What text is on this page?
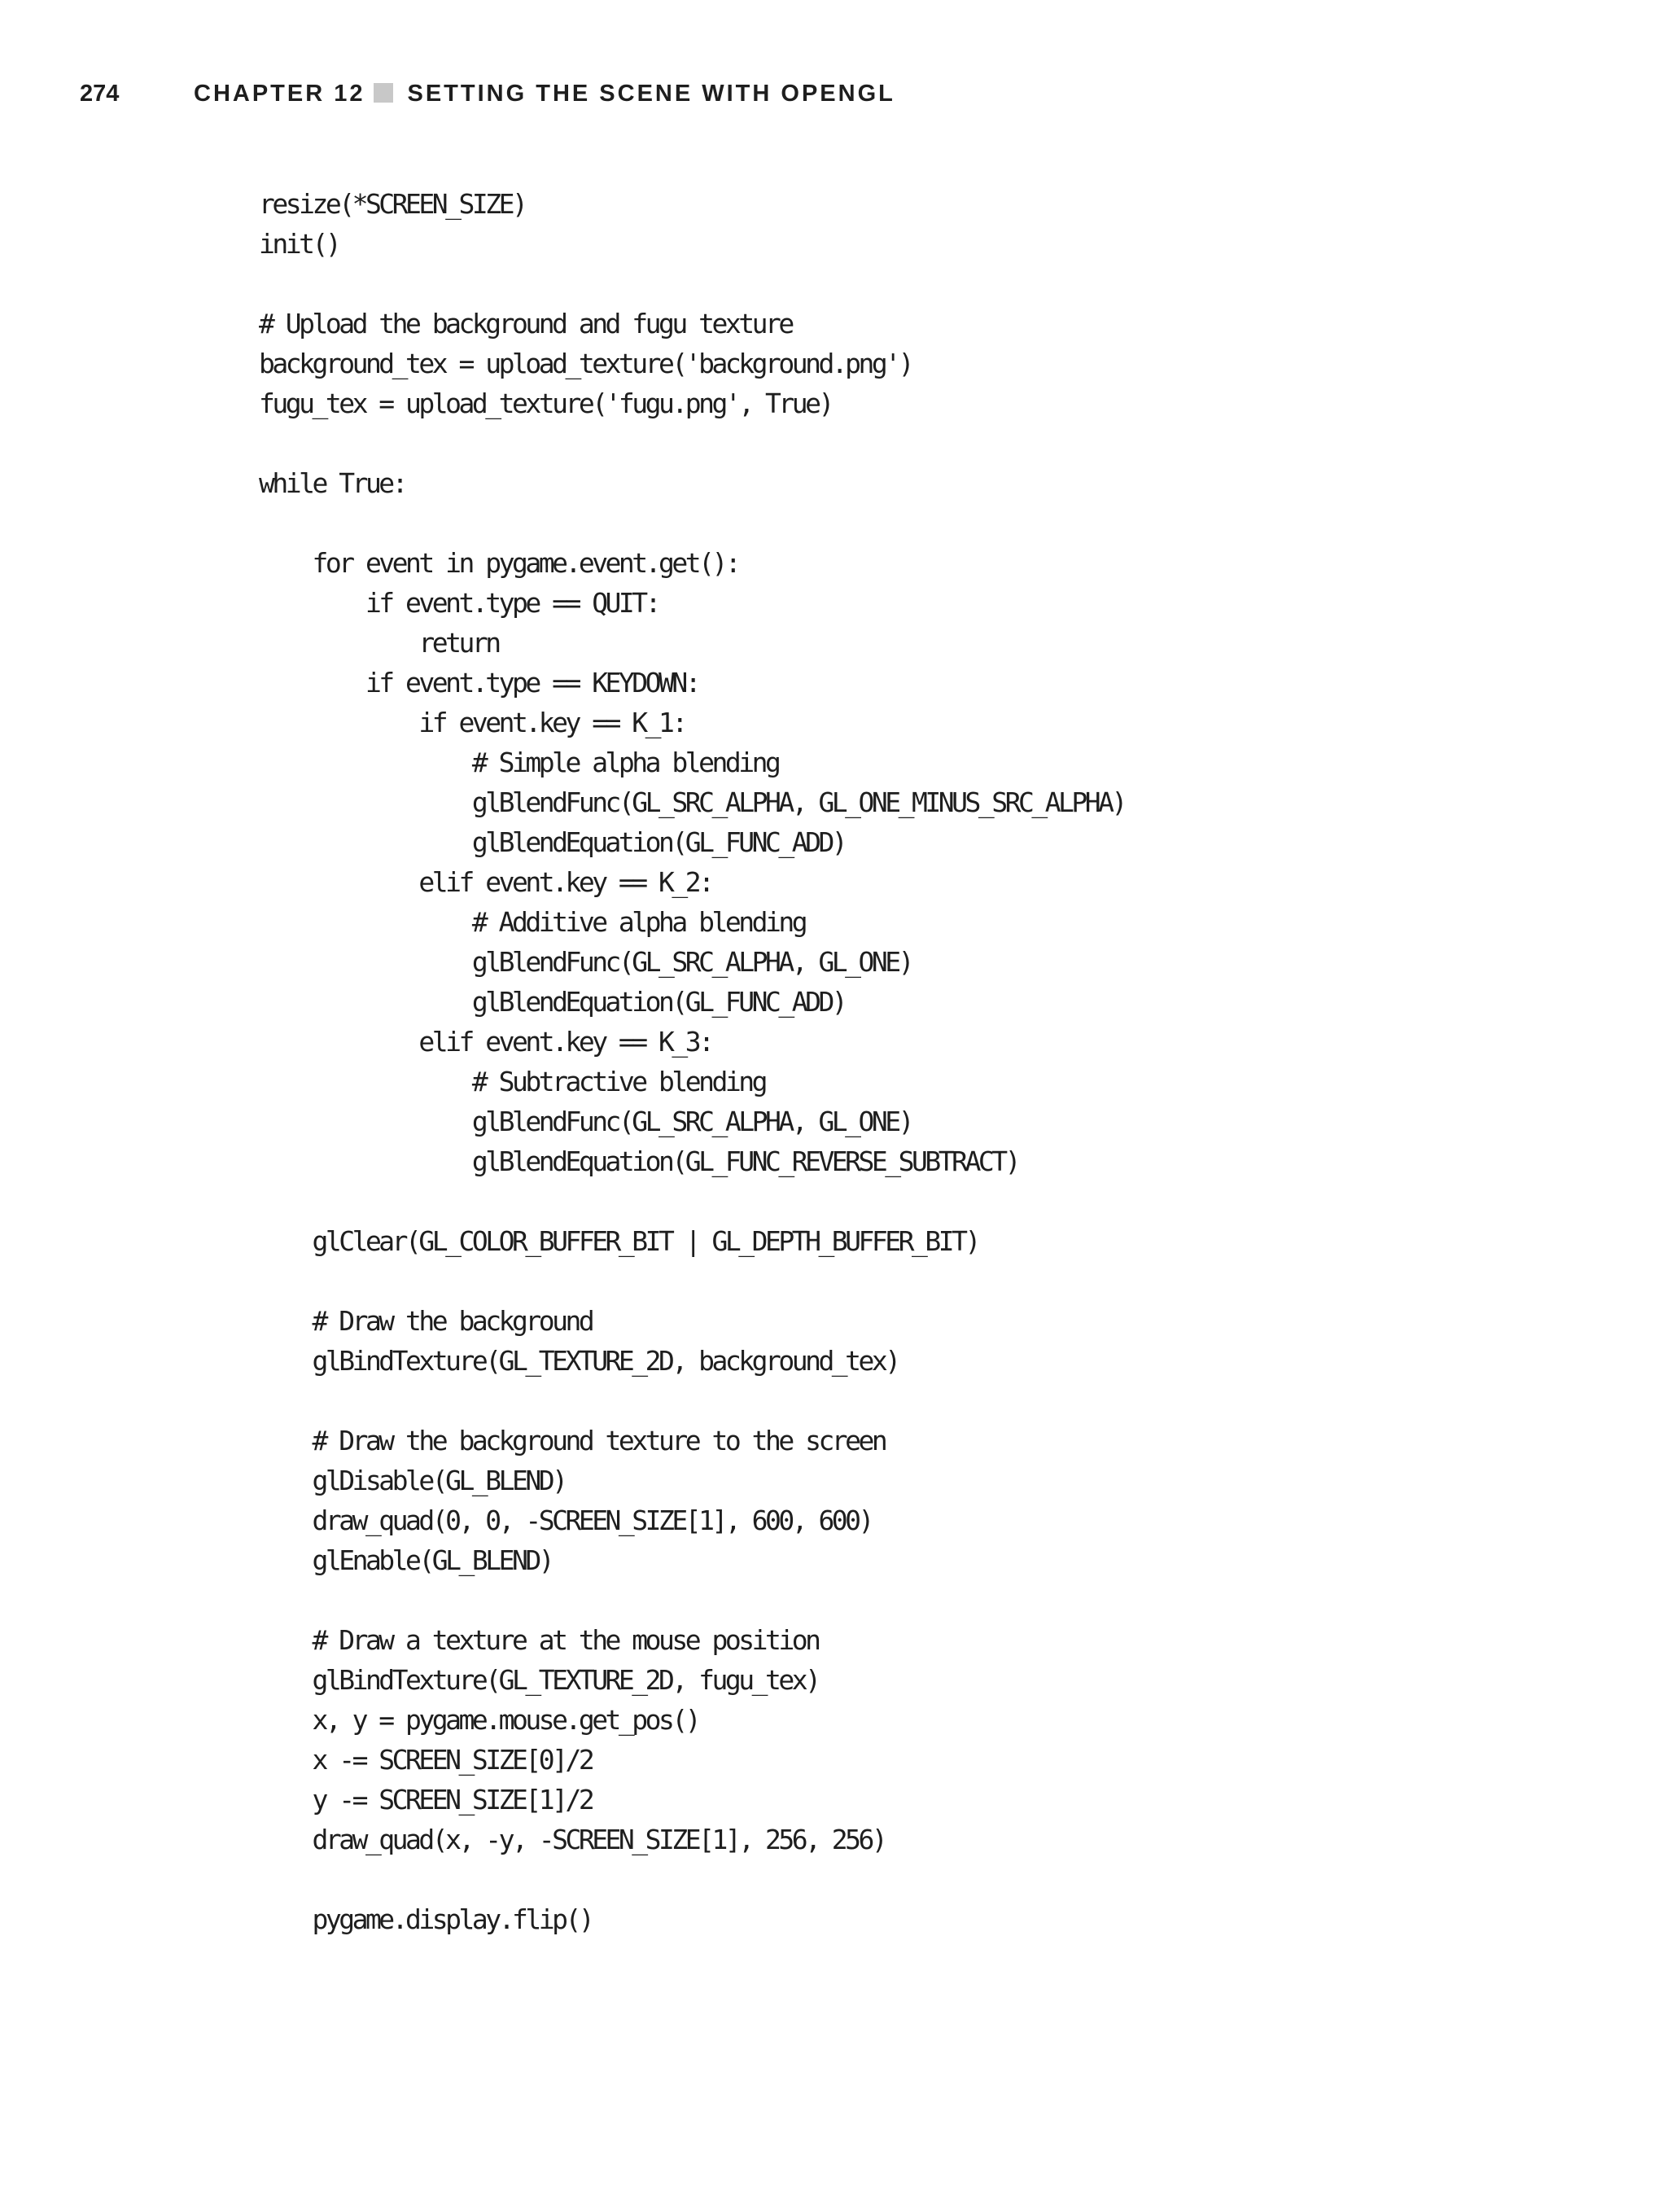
274	CHAPTER 12 SETTING THE SCENE WITH OPENGL
resize(*SCREEN_SIZE)
init()
# Upload the background and fugu texture
background_tex = upload_texture('background.png')
fugu_tex = upload_texture('fugu.png', True)
while True:
for event in pygame.event.get():
if event.type == QUIT:
return
if event.type == KEYDOWN:
if event.key == K_1:
# Simple alpha blending
glBlendFunc(GL_SRC_ALPHA, GL_ONE_MINUS_SRC_ALPHA)
glBlendEquation(GL_FUNC_ADD)
elif event.key == K_2:
# Additive alpha blending
glBlendFunc(GL_SRC_ALPHA, GL_ONE)
glBlendEquation(GL_FUNC_ADD)
elif event.key == K_3:
# Subtractive blending
glBlendFunc(GL_SRC_ALPHA, GL_ONE)
glBlendEquation(GL_FUNC_REVERSE_SUBTRACT)
glClear(GL_COLOR_BUFFER_BIT | GL_DEPTH_BUFFER_BIT)
# Draw the background
glBindTexture(GL_TEXTURE_2D, background_tex)
# Draw the background texture to the screen
glDisable(GL_BLEND)
draw_quad(0, 0, -SCREEN_SIZE[1], 600, 600)
glEnable(GL_BLEND)
# Draw a texture at the mouse position
glBindTexture(GL_TEXTURE_2D, fugu_tex)
x, y = pygame.mouse.get_pos()
x -= SCREEN_SIZE[0]/2
y -= SCREEN_SIZE[1]/2
draw_quad(x, -y, -SCREEN_SIZE[1], 256, 256)
pygame.display.flip()
